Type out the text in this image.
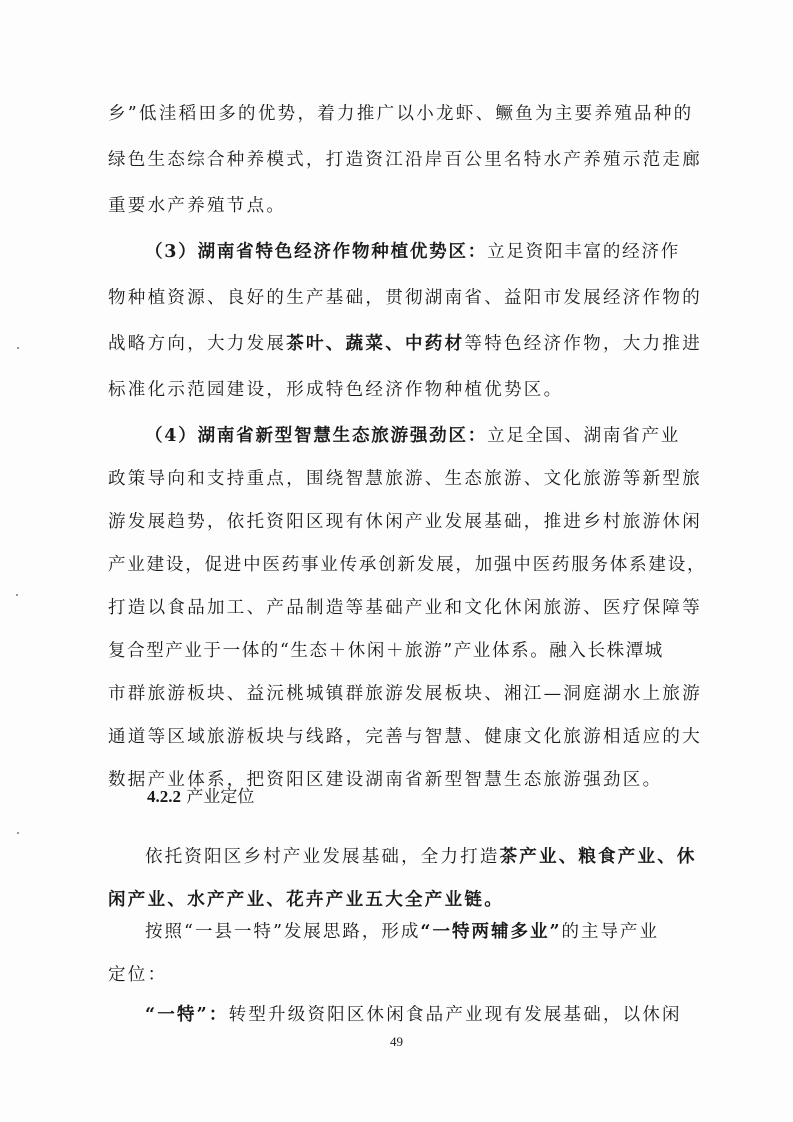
乡”低洼稻田多的优势，着力推广以小龙虾、鳜鱼为主要养殖品种的
绿色生态综合种养模式，打造资江沿岸百公里名特水产养殖示范走廊
重要水产养殖节点。
（3）湖南省特色经济作物种植优势区：立足资阳丰富的经济作
物种植资源、良好的生产基础，贯彻湖南省、益阳市发展经济作物的
战略方向，大力发展茶叶、蔬菜、中药材等特色经济作物，大力推进
标准化示范园建设，形成特色经济作物种植优势区。
（4）湖南省新型智慧生态旅游强劲区：立足全国、湖南省产业
政策导向和支持重点，围绕智慧旅游、生态旅游、文化旅游等新型旅
游发展趋势，依托资阳区现有休闲产业发展基础，推进乡村旅游休闲
产业建设，促进中医药事业传承创新发展，加强中医药服务体系建设，
打造以食品加工、产品制造等基础产业和文化休闲旅游、医疗保障等
复合型产业于一体的“生态＋休闲＋旅游”产业体系。融入长株潭城
市群旅游板块、益沅桃城镇群旅游发展板块、湘江—洞庭湖水上旅游
通道等区域旅游板块与线路，完善与智慧、健康文化旅游相适应的大
4.2.2 产业定位
依托资阳区乡村产业发展基础，全力打造茶产业、粮食产业、休
闲产业、水产产业、花卉产业五大全产业链。
按照“一县一特”发展思路，形成“一特两辅多业”的主导产业
定位：
49
数据产业体系，把资阳区建设湖南省新型智慧生态旅游强劲区。
“一特”：转型升级资阳区休闲食品产业现有发展基础，以休闲
